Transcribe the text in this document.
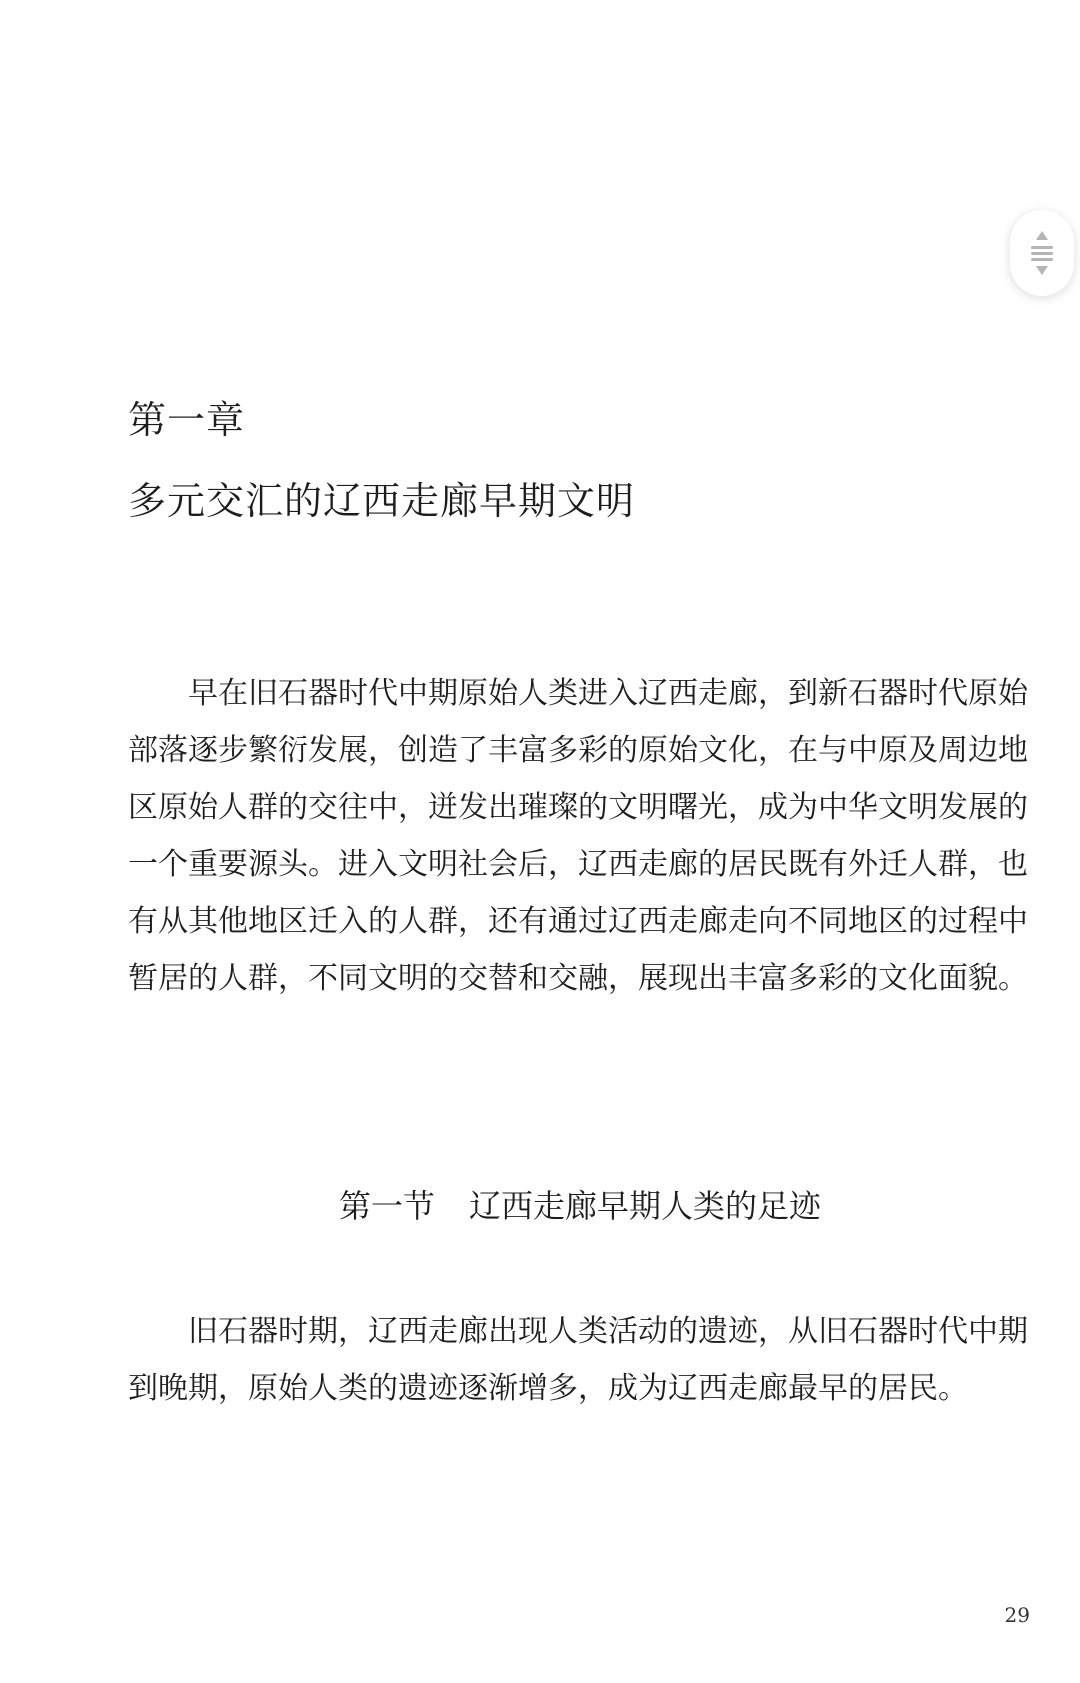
第一章
多元交汇的辽西走廊早期文明

早在旧石器时代中期原始人类进入辽西走廊，到新石器时代原始部落逐步繁衍发展，创造了丰富多彩的原始文化，在与中原及周边地区原始人群的交往中，迸发出璀璨的文明曙光，成为中华文明发展的一个重要源头。进入文明社会后，辽西走廊的居民既有外迁人群，也有从其他地区迁入的人群，还有通过辽西走廊走向不同地区的过程中暂居的人群，不同文明的交替和交融，展现出丰富多彩的文化面貌。

第一节 辽西走廊早期人类的足迹

旧石器时期，辽西走廊出现人类活动的遗迹，从旧石器时代中期到晚期，原始人类的遗迹逐渐增多，成为辽西走廊最早的居民。

29
